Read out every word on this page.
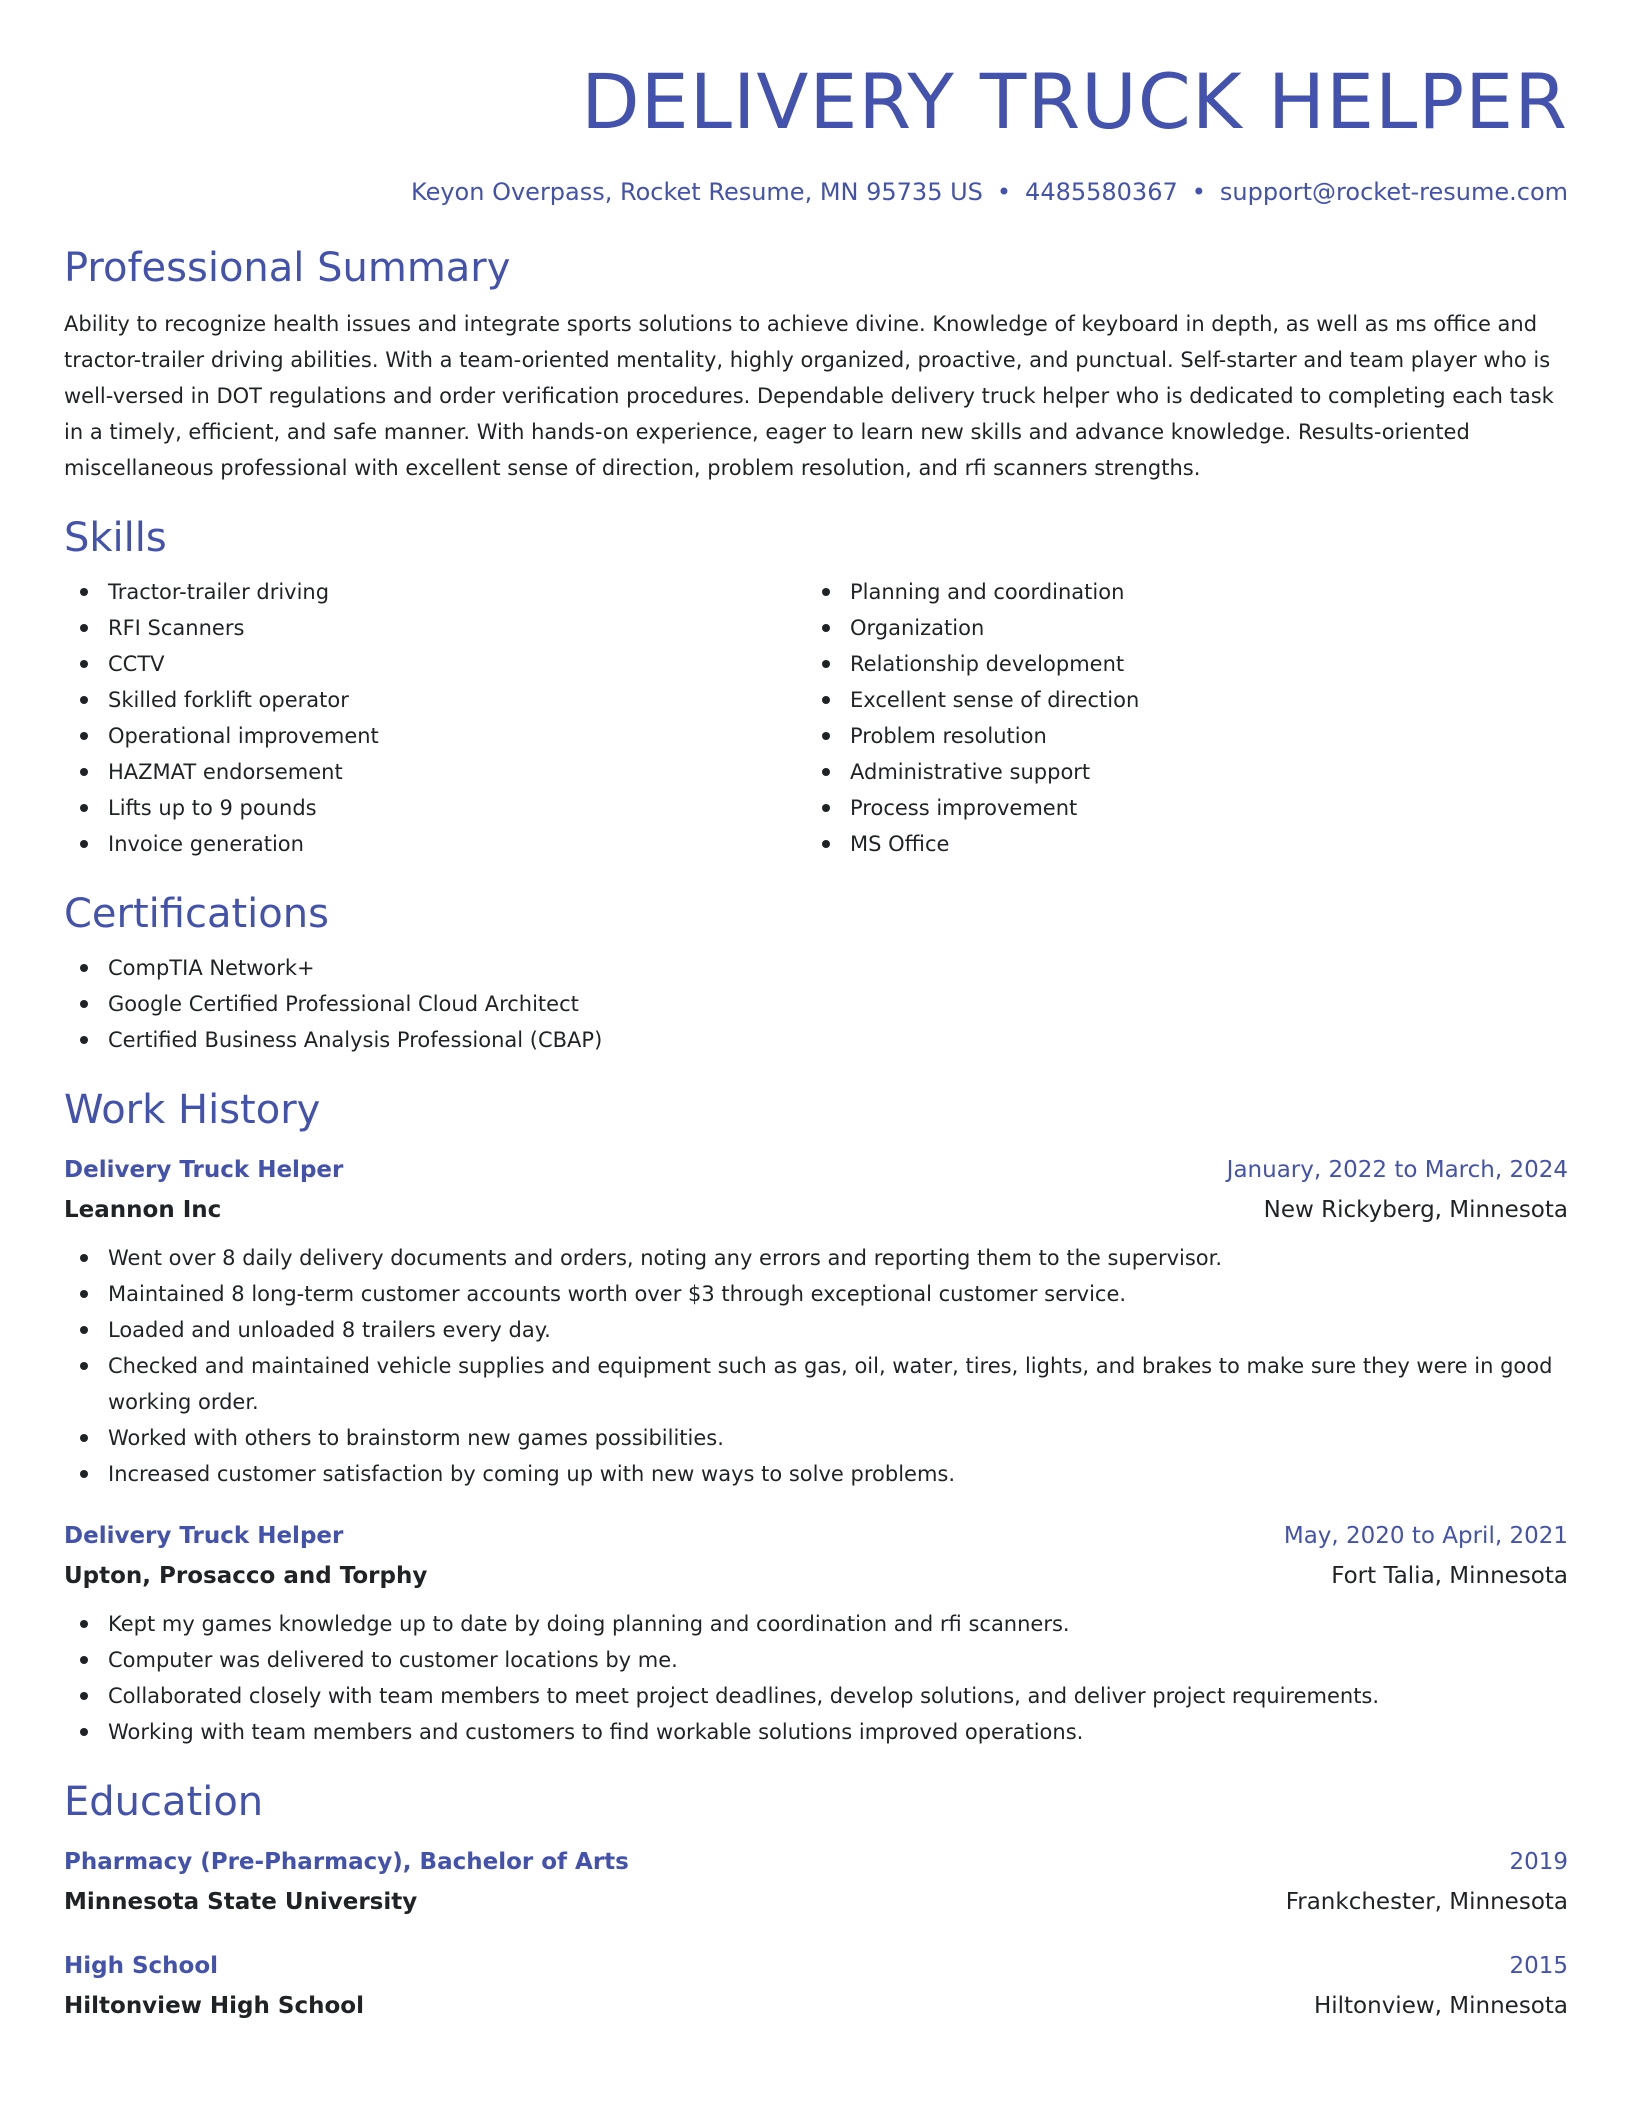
DELIVERY TRUCK HELPER
Keyon Overpass, Rocket Resume, MN 95735 US • 4485580367 • support@rocket-resume.com
Professional Summary

Ability to recognize health issues and integrate sports solutions to achieve divine. Knowledge of keyboard in depth, as well as ms office and tractor-trailer driving abilities. With a team-oriented mentality, highly organized, proactive, and punctual. Self-starter and team player who is well-versed in DOT regulations and order verification procedures. Dependable delivery truck helper who is dedicated to completing each task in a timely, efficient, and safe manner. With hands-on experience, eager to learn new skills and advance knowledge. Results-oriented miscellaneous professional with excellent sense of direction, problem resolution, and rfi scanners strengths.

Skills
Tractor-trailer driving
RFI Scanners
CCTV
Skilled forklift operator
Operational improvement
HAZMAT endorsement
Lifts up to 9 pounds
Invoice generation
Planning and coordination
Organization
Relationship development
Excellent sense of direction
Problem resolution
Administrative support
Process improvement
MS Office
Certifications
CompTIA Network+
Google Certified Professional Cloud Architect
Certified Business Analysis Professional (CBAP)
Work History
Delivery Truck Helper	January, 2022 to March, 2024
Leannon Inc	New Rickyberg, Minnesota
Went over 8 daily delivery documents and orders, noting any errors and reporting them to the supervisor.
Maintained 8 long-term customer accounts worth over $3 through exceptional customer service.
Loaded and unloaded 8 trailers every day.
Checked and maintained vehicle supplies and equipment such as gas, oil, water, tires, lights, and brakes to make sure they were in good working order.
Worked with others to brainstorm new games possibilities.
Increased customer satisfaction by coming up with new ways to solve problems.
Delivery Truck Helper	May, 2020 to April, 2021
Upton, Prosacco and Torphy	Fort Talia, Minnesota
Kept my games knowledge up to date by doing planning and coordination and rfi scanners.
Computer was delivered to customer locations by me.
Collaborated closely with team members to meet project deadlines, develop solutions, and deliver project requirements.
Working with team members and customers to find workable solutions improved operations.
Education
Pharmacy (Pre-Pharmacy), Bachelor of Arts	2019
Minnesota State University	Frankchester, Minnesota
High School	2015
Hiltonview High School	Hiltonview, Minnesota
